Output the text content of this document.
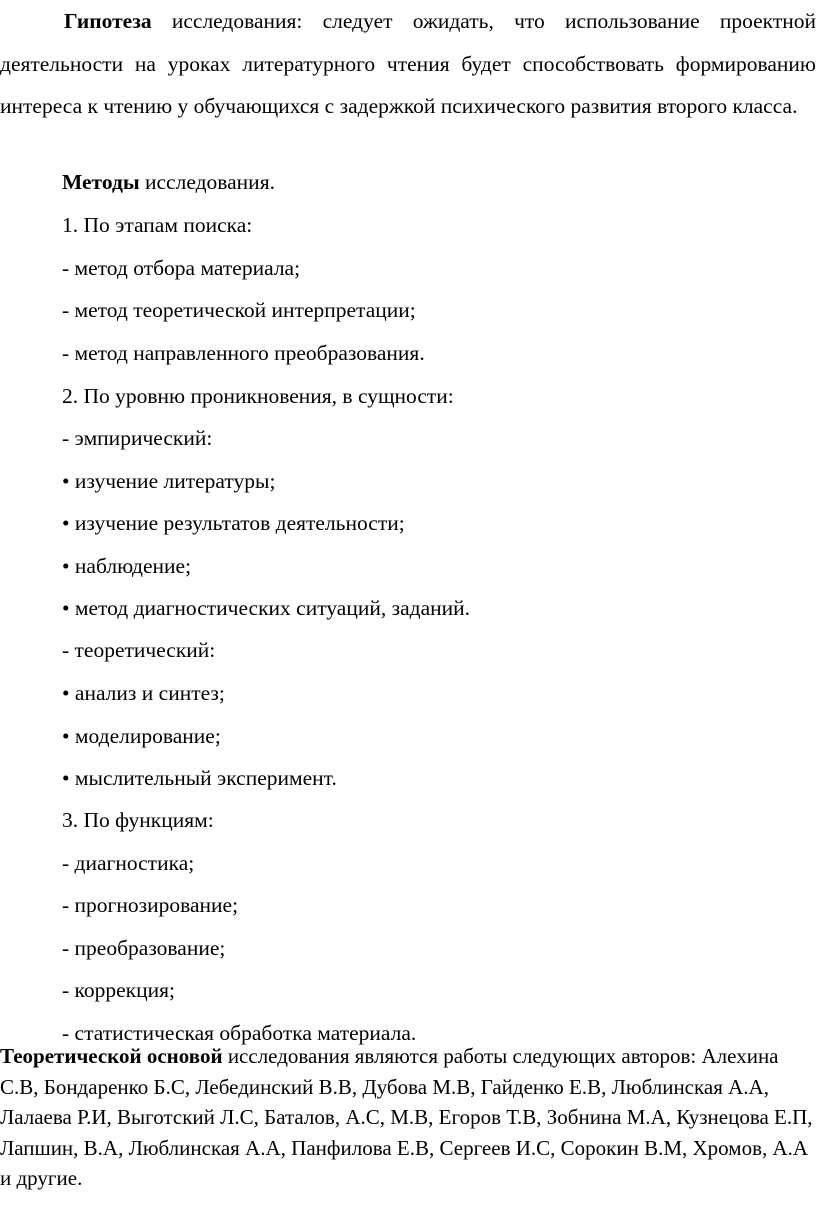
Гипотеза исследования: следует ожидать, что использование проектной деятельности на уроках литературного чтения будет способствовать формированию интереса к чтению у обучающихся с задержкой психического развития второго класса.

Методы исследования.

1. По этапам поиска:

- метод отбора материала;

- метод теоретической интерпретации;

- метод направленного преобразования.

2. По уровню проникновения, в сущности:

- эмпирический:

• изучение литературы;

• изучение результатов деятельности;

• наблюдение;

• метод диагностических ситуаций, заданий.

- теоретический:

• анализ и синтез;

• моделирование;

• мыслительный эксперимент.

3. По функциям:

- диагностика;

- прогнозирование;

- преобразование;

- коррекция;

- статистическая обработка материала.

Теоретической основой исследования являются работы следующих авторов: Алехина С.В, Бондаренко Б.С, Лебединский В.В, Дубова М.В, Гайденко Е.В, Люблинская А.А, Лалаева Р.И, Выготский Л.С, Баталов, А.С, М.В, Егоров Т.В, Зобнина М.А, Кузнецова Е.П, Лапшин, В.А, Люблинская А.А, Панфилова Е.В, Сергеев И.С, Сорокин В.М, Хромов, А.А и другие.
